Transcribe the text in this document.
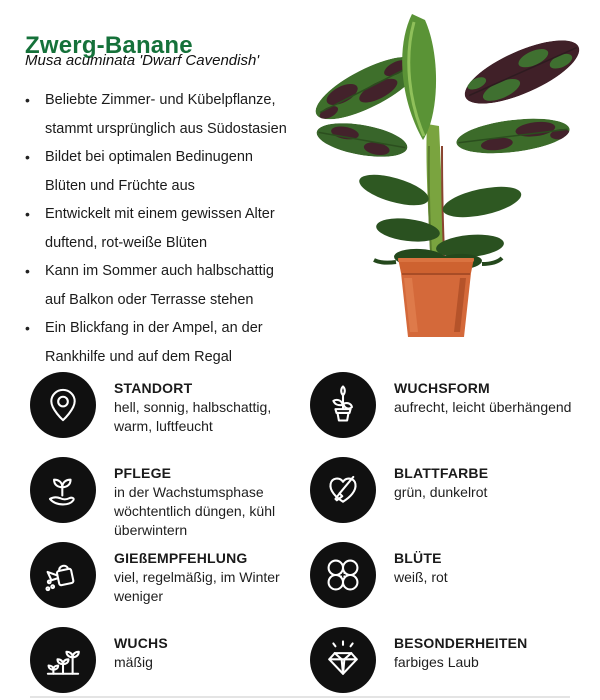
Zwerg-Banane
Musa acuminata 'Dwarf Cavendish'
•	Beliebte Zimmer- und Kübelpflanze, stammt ursprünglich aus Südostasien
•	Bildet bei optimalen Bedinugenn Blüten und Früchte aus
•	Entwickelt mit einem gewissen Alter duftend, rot-weiße Blüten
•	Kann im Sommer auch halbschattig auf Balkon oder Terrasse stehen
•	Ein Blickfang in der Ampel, an der Rankhilfe und auf dem Regal
STANDORT
hell, sonnig, halbschattig, warm, luftfeucht
WUCHSFORM
aufrecht, leicht überhängend
PFLEGE
in der Wachstumsphase wöchtentlich düngen, kühl überwintern
BLATTFARBE
grün, dunkelrot
GIEßEMPFEHLUNG
viel, regelmäßig, im Winter weniger
BLÜTE
weiß, rot
WUCHS
mäßig
BESONDERHEITEN
farbiges Laub
